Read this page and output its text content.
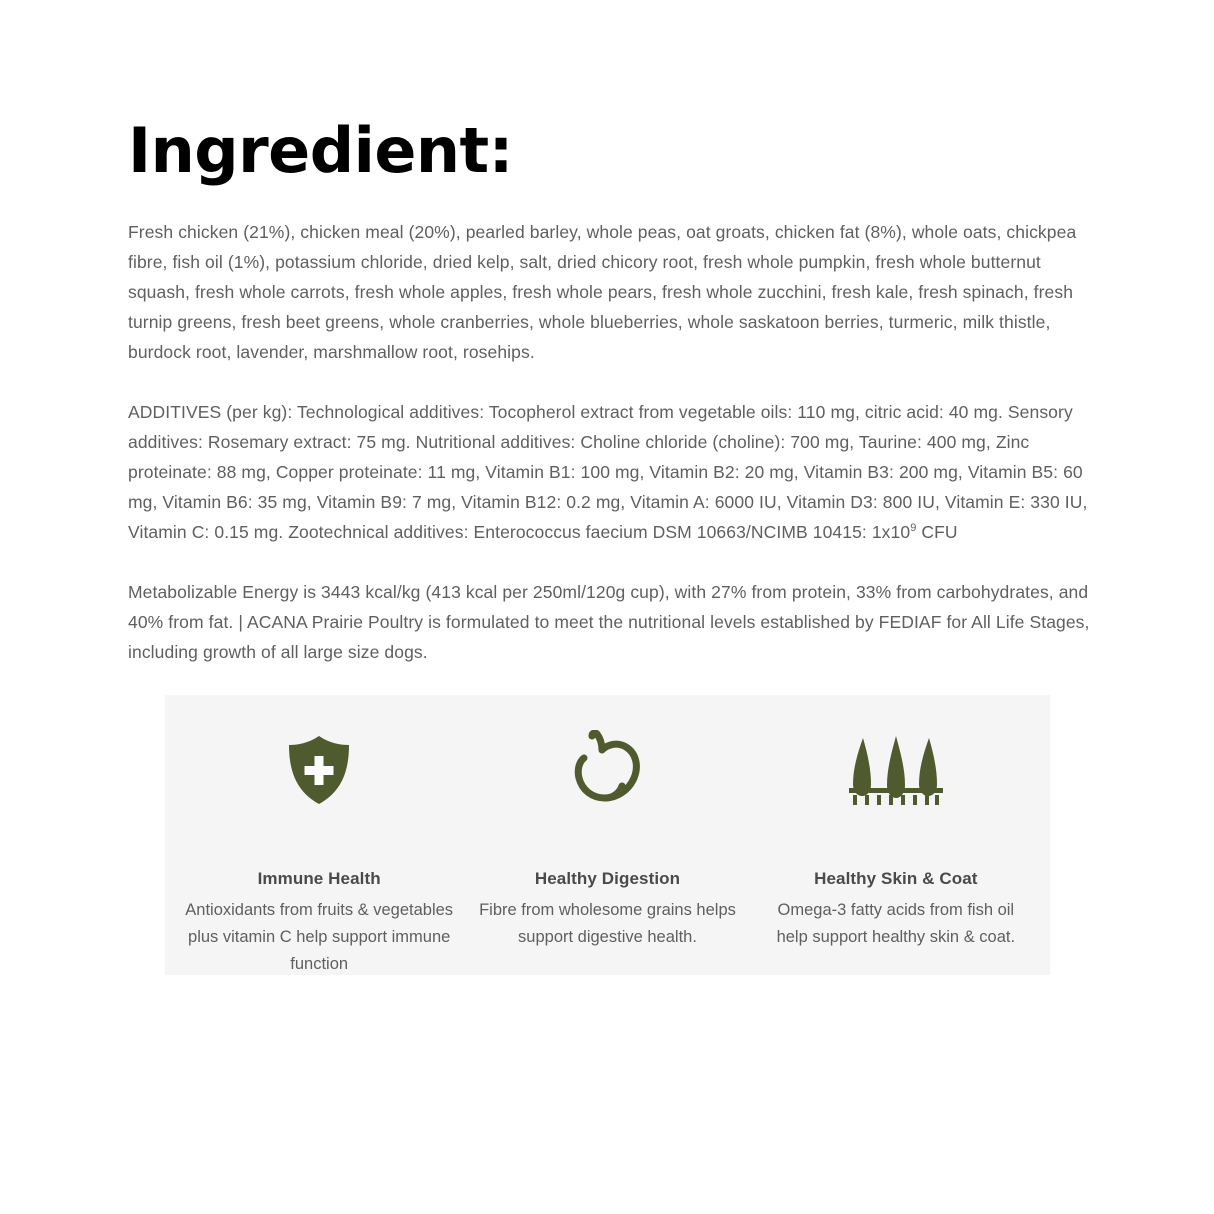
Ingredient:

Fresh chicken (21%), chicken meal (20%), pearled barley, whole peas, oat groats, chicken fat (8%), whole oats, chickpea fibre, fish oil (1%), potassium chloride, dried kelp, salt, dried chicory root, fresh whole pumpkin, fresh whole butternut squash, fresh whole carrots, fresh whole apples, fresh whole pears, fresh whole zucchini, fresh kale, fresh spinach, fresh turnip greens, fresh beet greens, whole cranberries, whole blueberries, whole saskatoon berries, turmeric, milk thistle, burdock root, lavender, marshmallow root, rosehips.

ADDITIVES (per kg): Technological additives: Tocopherol extract from vegetable oils: 110 mg, citric acid: 40 mg. Sensory additives: Rosemary extract: 75 mg. Nutritional additives: Choline chloride (choline): 700 mg, Taurine: 400 mg, Zinc proteinate: 88 mg, Copper proteinate: 11 mg, Vitamin B1: 100 mg, Vitamin B2: 20 mg, Vitamin B3: 200 mg, Vitamin B5: 60 mg, Vitamin B6: 35 mg, Vitamin B9: 7 mg, Vitamin B12: 0.2 mg, Vitamin A: 6000 IU, Vitamin D3: 800 IU, Vitamin E: 330 IU, Vitamin C: 0.15 mg. Zootechnical additives: Enterococcus faecium DSM 10663/NCIMB 10415: $1x10^9$ CFU

Metabolizable Energy is 3443 kcal/kg (413 kcal per 250ml/120g cup), with 27% from protein, 33% from carbohydrates, and 40% from fat. | ACANA Prairie Poultry is formulated to meet the nutritional levels established by FEDIAF for All Life Stages, including growth of all large size dogs.

Immune Health
Antioxidants from fruits & vegetables plus vitamin C help support immune function
Healthy Digestion
Fibre from wholesome grains helps support digestive health.
Healthy Skin & Coat
Omega-3 fatty acids from fish oil help support healthy skin & coat.
